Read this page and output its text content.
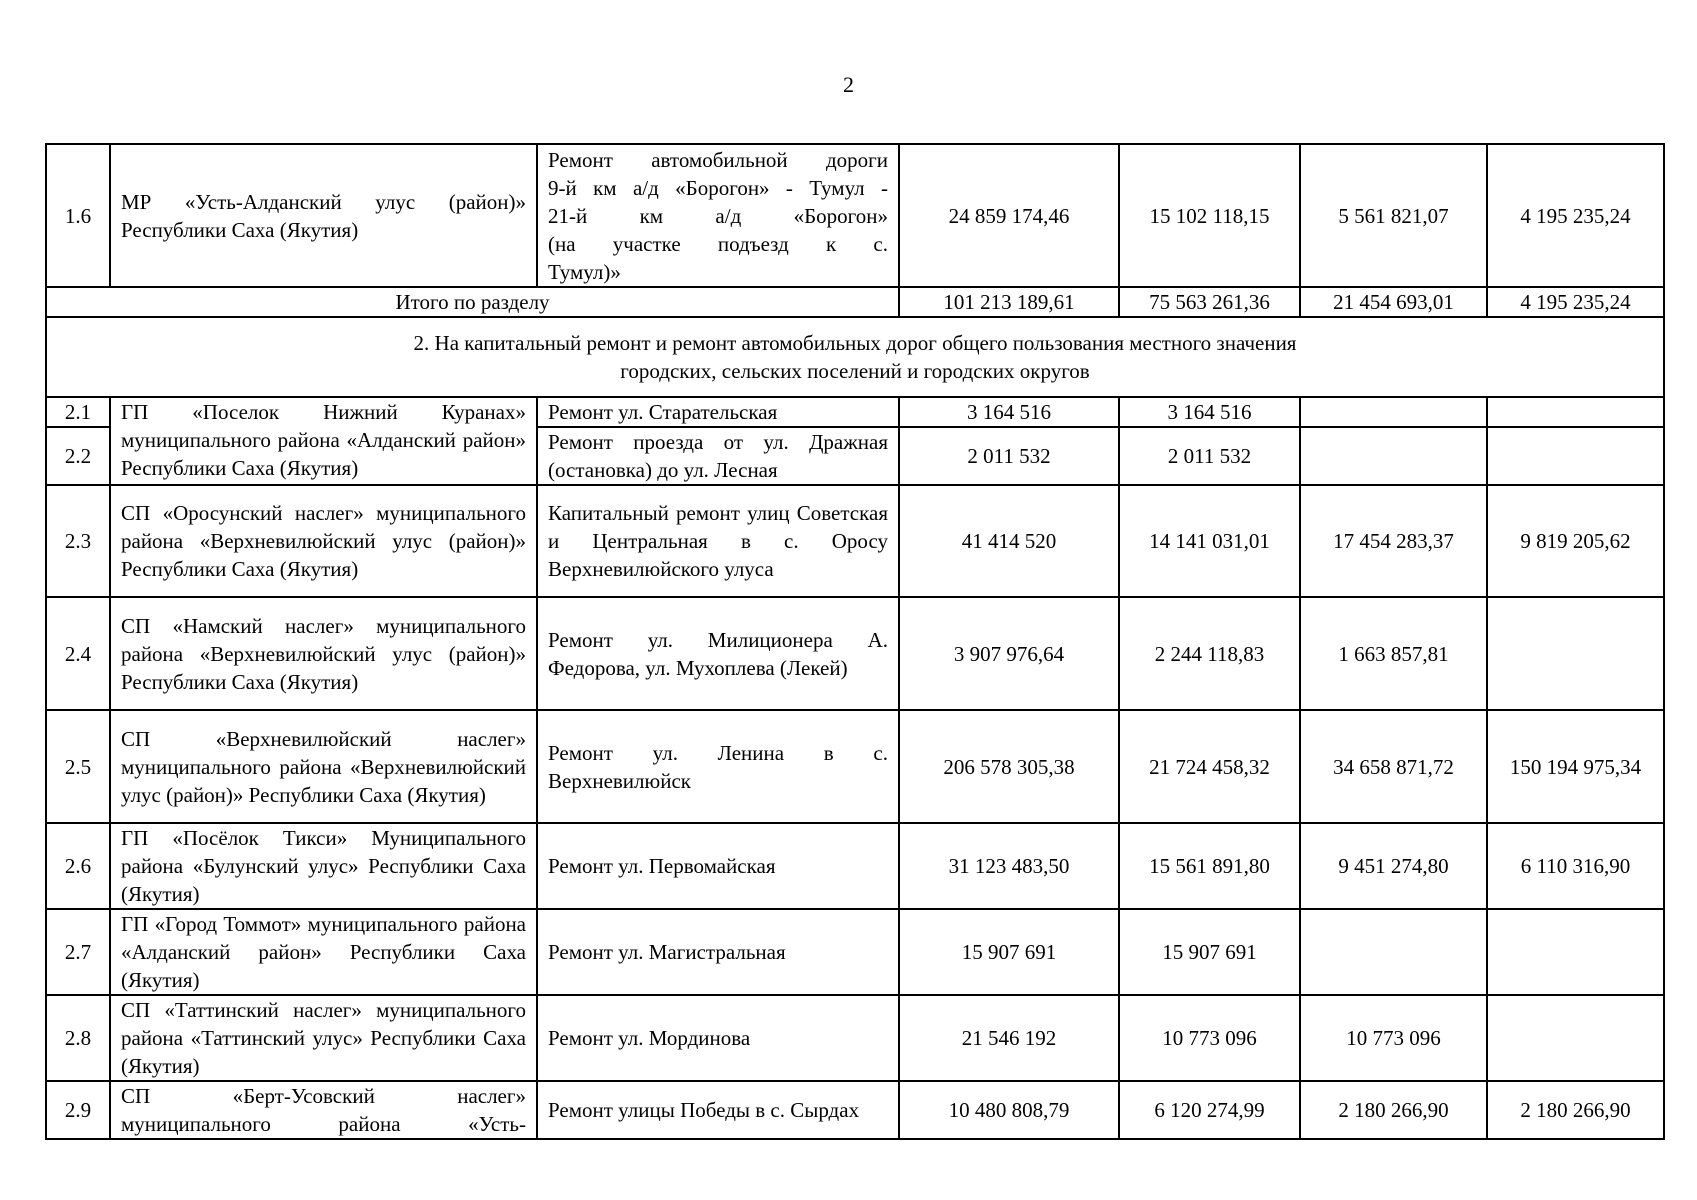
2
1.6	МР «Усть-Алданский улус (район)» Республики Саха (Якутия)	Ремонт автомобильной дороги
9-й км а/д «Борогон» - Тумул -
21-й км а/д «Борогон»
(на участке подъезд к с.
Тумул)»	24 859 174,46	15 102 118,15	5 561 821,07	4 195 235,24
Итого по разделу			101 213 189,61	75 563 261,36	21 454 693,01	4 195 235,24

2. На капитальный ремонт и ремонт автомобильных дорог общего пользования местного значения
городских, сельских поселений и городских округов						

2.1	ГП «Поселок Нижний Куранах» муниципального района «Алданский район» Республики Саха (Якутия)	Ремонт ул. Старательская	3 164 516	3 164 516		
2.2		Ремонт проезда от ул. Дражная (остановка) до ул. Лесная	2 011 532	2 011 532		
2.3	СП «Оросунский наслег» муниципального района «Верхневилюйский улус (район)» Республики Саха (Якутия)	Капитальный ремонт улиц Советская и Центральная в с. Оросу Верхневилюйского улуса	41 414 520	14 141 031,01	17 454 283,37	9 819 205,62
2.4	СП «Намский наслег» муниципального района «Верхневилюйский улус (район)» Республики Саха (Якутия)	Ремонт ул. Милиционера А. Федорова, ул. Мухоплева (Лекей)	3 907 976,64	2 244 118,83	1 663 857,81	
2.5	СП «Верхневилюйский наслег» муниципального района «Верхневилюйский улус (район)» Республики Саха (Якутия)	Ремонт ул. Ленина в с. Верхневилюйск	206 578 305,38	21 724 458,32	34 658 871,72	150 194 975,34
2.6	ГП «Посёлок Тикси» Муниципального района «Булунский улус» Республики Саха (Якутия)	Ремонт ул. Первомайская	31 123 483,50	15 561 891,80	9 451 274,80	6 110 316,90
2.7	ГП «Город Томмот» муниципального района «Алданский район» Республики Саха (Якутия)	Ремонт ул. Магистральная	15 907 691	15 907 691		
2.8	СП «Таттинский наслег» муниципального района «Таттинский улус» Республики Саха (Якутия)	Ремонт ул. Мординова	21 546 192	10 773 096	10 773 096	
2.9	СП «Берт-Усовский наслег» муниципального района «Усть-	Ремонт улицы Победы в с. Сырдах	10 480 808,79	6 120 274,99	2 180 266,90	2 180 266,90
